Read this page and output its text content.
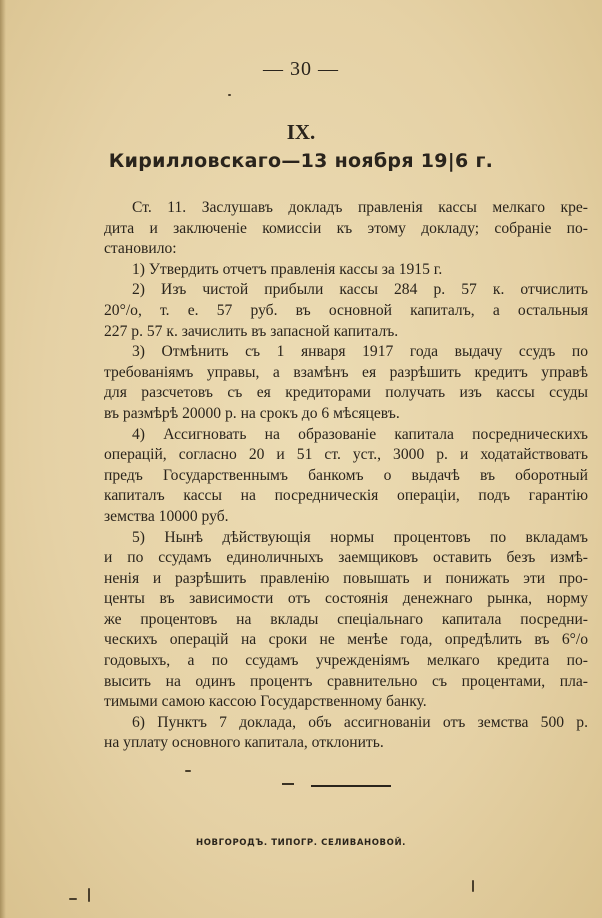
— 30 —
IX.
Кирилловскаго—13 ноября 19|6 г.
Ст. 11. Заслушавъ докладъ правленія кассы мелкаго кре-
дита и заключеніе комиссіи къ этому докладу; собраніе по-
становило:
1) Утвердить отчетъ правленія кассы за 1915 г.
2) Изъ чистой прибыли кассы 284 р. 57 к. отчислить
20°/о, т. е. 57 руб. въ основной капиталъ, а остальныя
227 р. 57 к. зачислить въ запасной капиталъ.
3) Отмѣнить съ 1 января 1917 года выдачу ссудъ по
требованіямъ управы, а взамѣнъ ея разрѣшить кредитъ управѣ
для разсчетовъ съ ея кредиторами получать изъ кассы ссуды
въ размѣрѣ 20000 р. на срокъ до 6 мѣсяцевъ.
4) Ассигновать на образованіе капитала посредническихъ
операцій, согласно 20 и 51 ст. уст., 3000 р. и ходатайствовать
предъ Государственнымъ банкомъ о выдачѣ въ оборотный
капиталъ кассы на посредническія операціи, подъ гарантію
земства 10000 руб.
5) Нынѣ дѣйствующія нормы процентовъ по вкладамъ
и по ссудамъ единоличныхъ заемщиковъ оставить безъ измѣ-
ненія и разрѣшить правленію повышать и понижать эти про-
центы въ зависимости отъ состоянія денежнаго рынка, норму
же процентовъ на вклады спеціальнаго капитала посредни-
ческихъ операцій на сроки не менѣе года, опредѣлить въ 6°/о
годовыхъ, а по ссудамъ учрежденіямъ мелкаго кредита по-
высить на одинъ процентъ сравнительно съ процентами, пла-
тимыми самою кассою Государственному банку.
6) Пунктъ 7 доклада, объ ассигнованіи отъ земства 500 р.
на уплату основного капитала, отклонить.
НОВГОРОДЪ. ТИПОГР. СЕЛИВАНОВОЙ.
